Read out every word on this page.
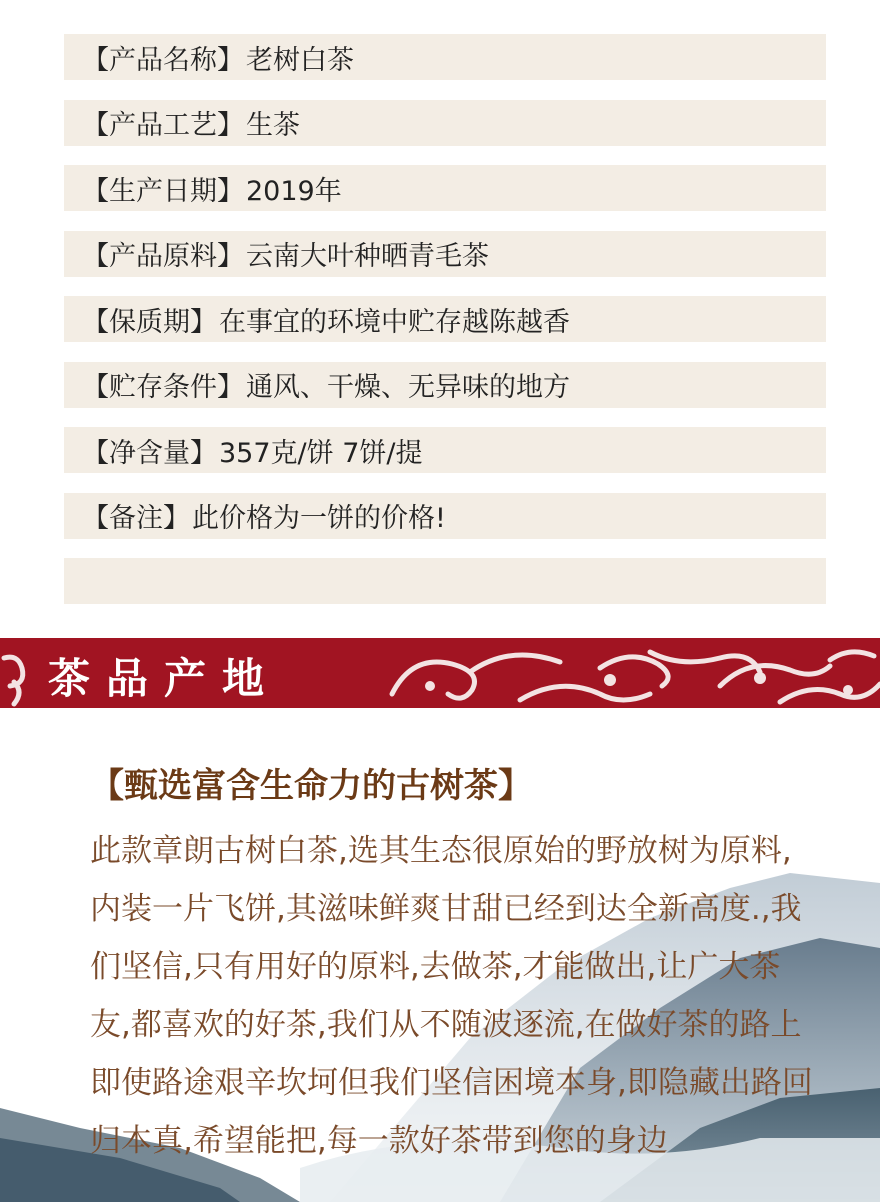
【产品名称】 老树白茶
【产品工艺】 生茶
【生产日期】 2019年
【产品原料】 云南大叶种晒青毛茶
【保质期】 在事宜的环境中贮存越陈越香
【贮存条件】 通风、干燥、无异味的地方
【净含量】 357克/饼 7饼/提
【备注】 此价格为一饼的价格!
茶品产地
【甄选富含生命力的古树茶】
此款章朗古树白茶,选其生态很原始的野放树为原料,内装一片飞饼,其滋味鲜爽甘甜已经到达全新高度.,我们坚信,只有用好的原料,去做茶,才能做出,让广大茶友,都喜欢的好茶,我们从不随波逐流,在做好茶的路上即使路途艰辛坎坷但我们坚信困境本身,即隐藏出路回归本真,希望能把,每一款好茶带到您的身边
